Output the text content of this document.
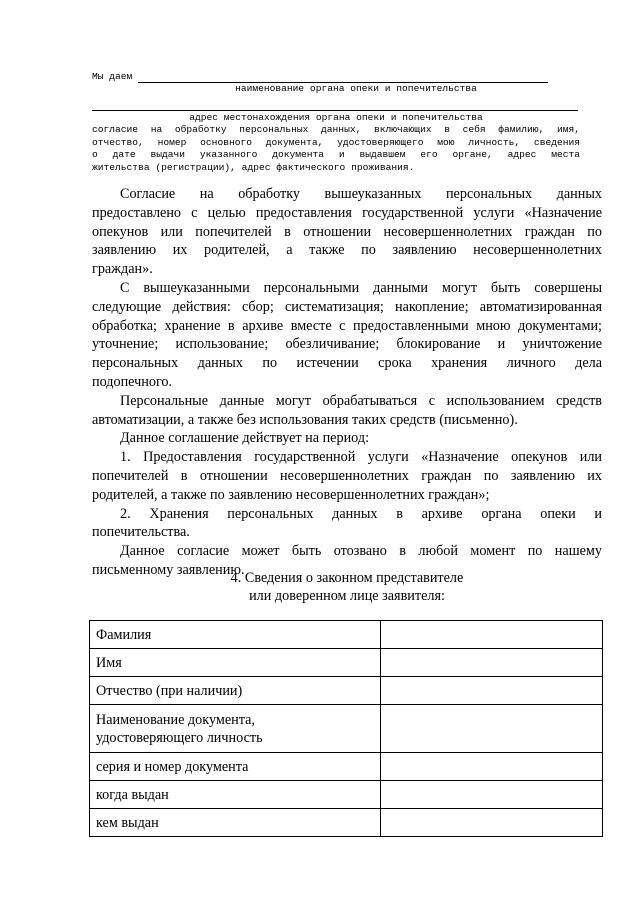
Мы даем
наименование органа опеки и попечительства
адрес местонахождения органа опеки и попечительства
согласие на обработку персональных данных, включающих в себя фамилию, имя,
отчество, номер основного документа, удостоверяющего мою личность, сведения
о дате выдачи указанного документа и выдавшем его органе, адрес места
жительства (регистрации), адрес фактического проживания.
Согласие на обработку вышеуказанных персональных данных
предоставлено с целью предоставления государственной услуги «Назначение
опекунов или попечителей в отношении несовершеннолетних граждан по
заявлению их родителей, а также по заявлению несовершеннолетних
граждан».
С вышеуказанными персональными данными могут быть совершены
следующие действия: сбор; систематизация; накопление; автоматизированная
обработка; хранение в архиве вместе с предоставленными мною документами;
уточнение; использование; обезличивание; блокирование и уничтожение
персональных данных по истечении срока хранения личного дела
подопечного.
Персональные данные могут обрабатываться с использованием средств
автоматизации, а также без использования таких средств (письменно).
Данное соглашение действует на период:
1. Предоставления государственной услуги «Назначение опекунов или
попечителей в отношении несовершеннолетних граждан по заявлению их
родителей, а также по заявлению несовершеннолетних граждан»;
2. Хранения персональных данных в архиве органа опеки и
попечительства.
Данное согласие может быть отозвано в любой момент по нашему
письменному заявлению.
4. Сведения о законном представителе
или доверенном лице заявителя:
Фамилия	
Имя	
Отчество (при наличии)	
Наименование документа,
удостоверяющего личность	
серия и номер документа	
когда выдан	
кем выдан	
